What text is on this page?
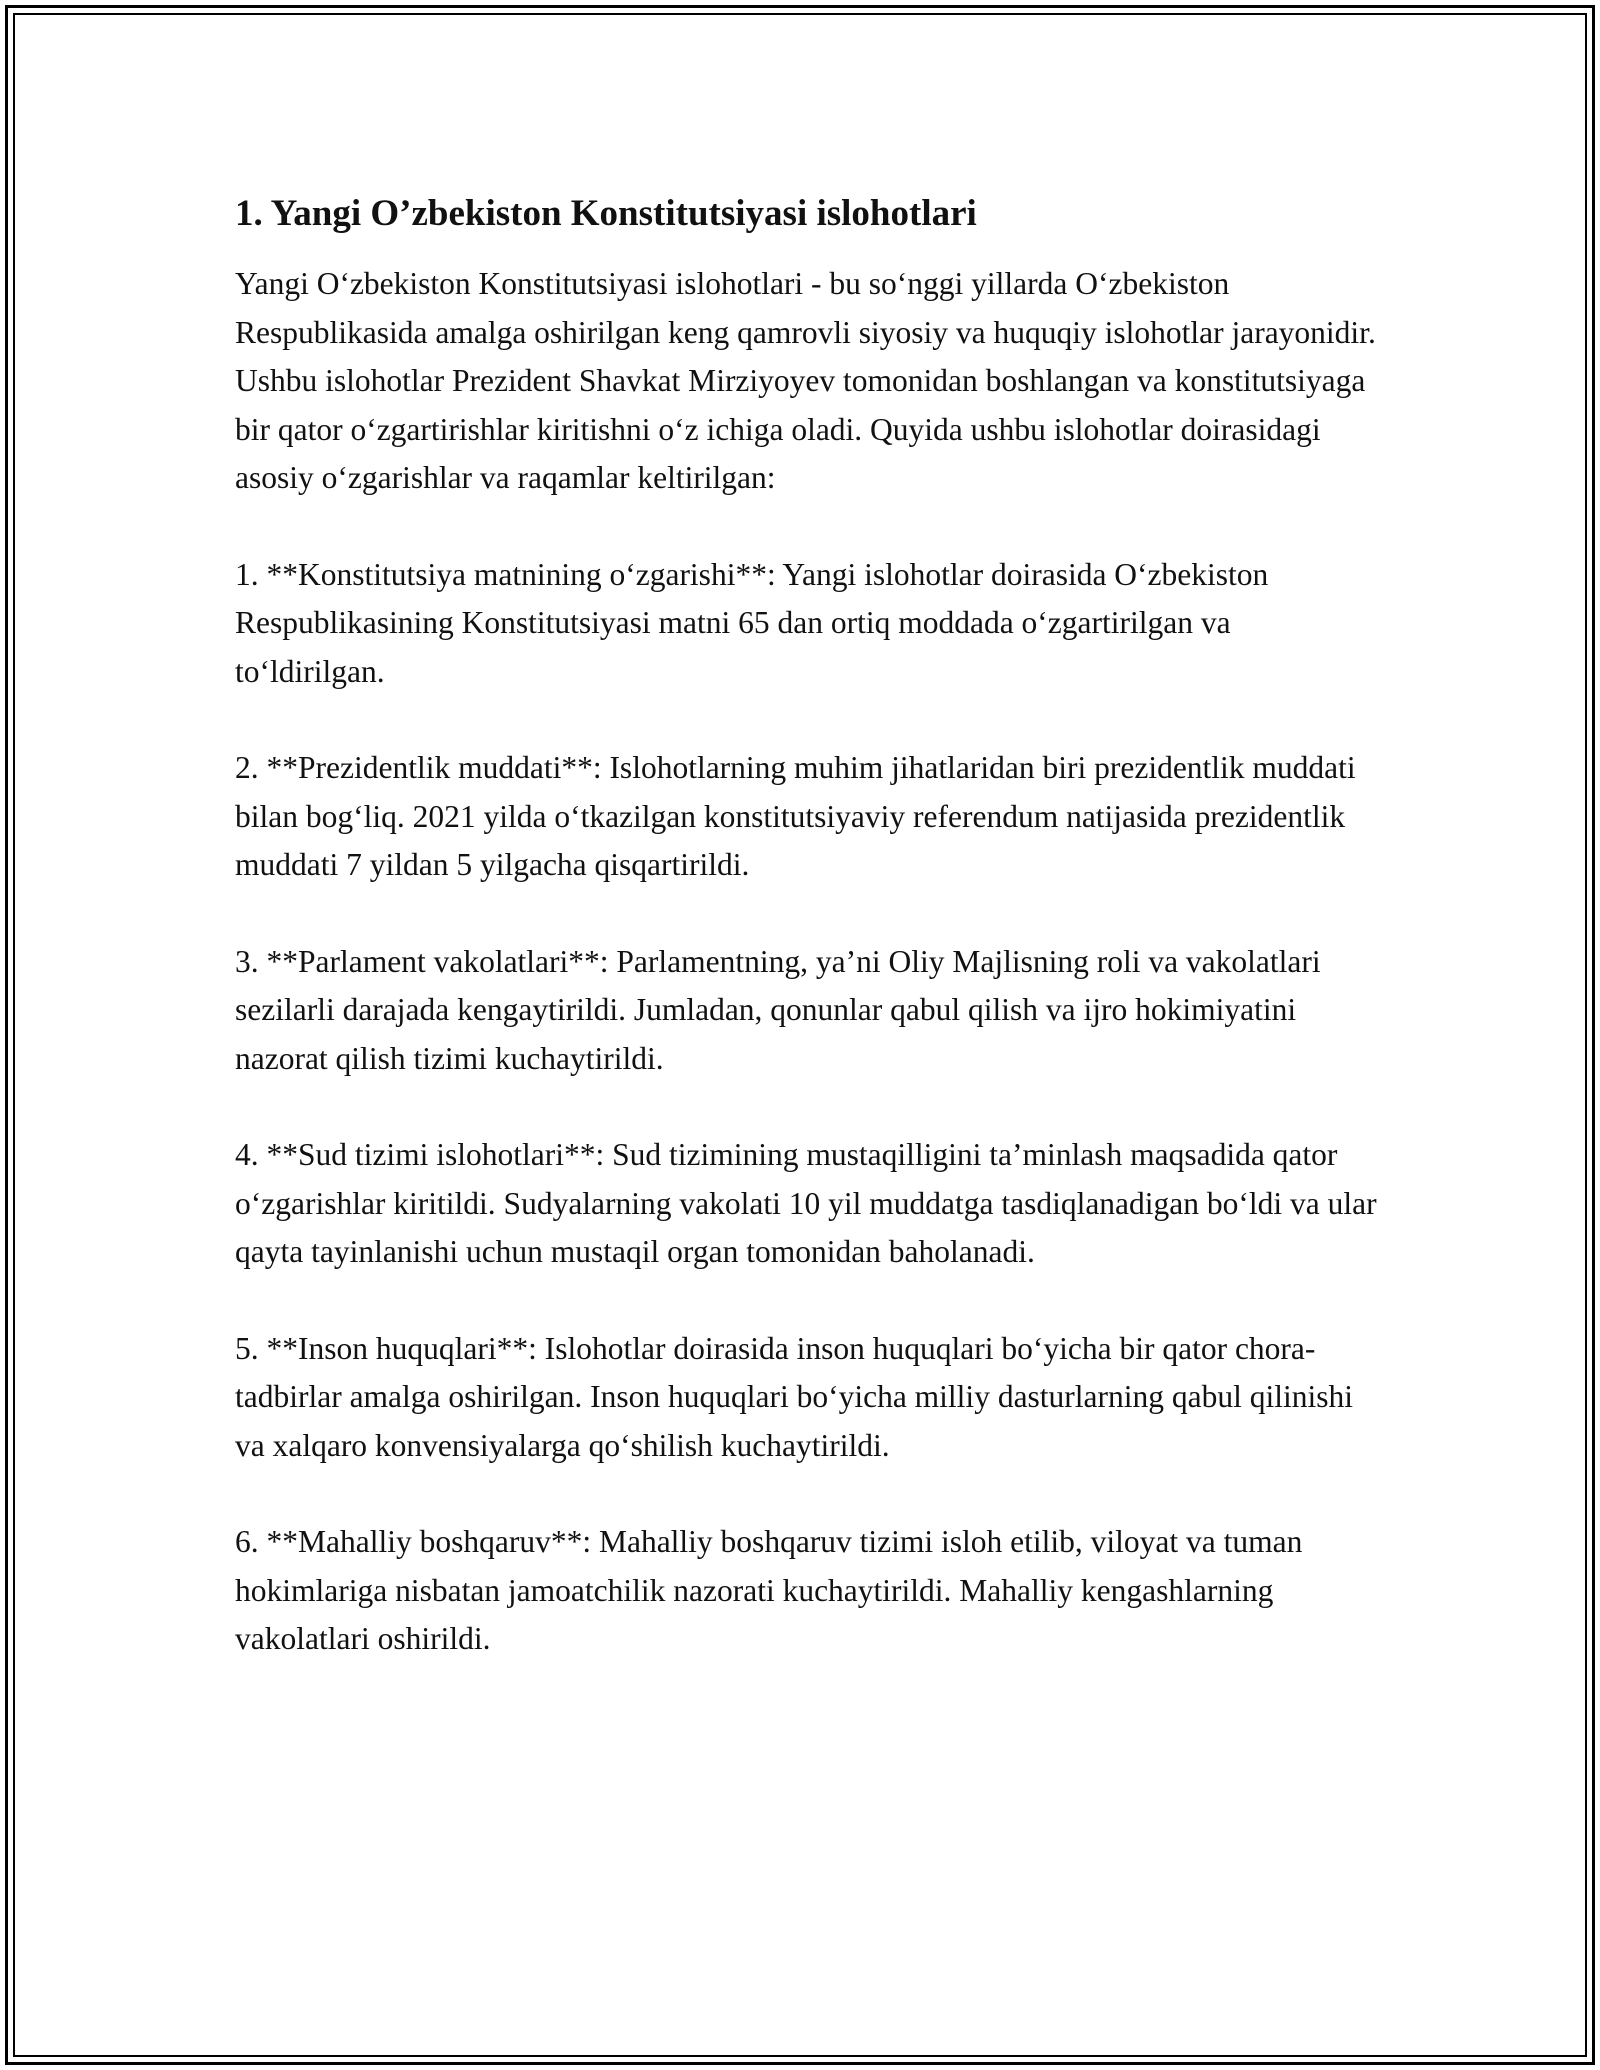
1. Yangi O’zbekiston Konstitutsiyasi islohotlari

Yangi O‘zbekiston Konstitutsiyasi islohotlari - bu so‘nggi yillarda O‘zbekiston Respublikasida amalga oshirilgan keng qamrovli siyosiy va huquqiy islohotlar jarayonidir. Ushbu islohotlar Prezident Shavkat Mirziyoyev tomonidan boshlangan va konstitutsiyaga bir qator o‘zgartirishlar kiritishni o‘z ichiga oladi. Quyida ushbu islohotlar doirasidagi asosiy o‘zgarishlar va raqamlar keltirilgan:

1. **Konstitutsiya matnining o‘zgarishi**: Yangi islohotlar doirasida O‘zbekiston Respublikasining Konstitutsiyasi matni 65 dan ortiq moddada o‘zgartirilgan va to‘ldirilgan.

2. **Prezidentlik muddati**: Islohotlarning muhim jihatlaridan biri prezidentlik muddati bilan bog‘liq. 2021 yilda o‘tkazilgan konstitutsiyaviy referendum natijasida prezidentlik muddati 7 yildan 5 yilgacha qisqartirildi.

3. **Parlament vakolatlari**: Parlamentning, ya’ni Oliy Majlisning roli va vakolatlari sezilarli darajada kengaytirildi. Jumladan, qonunlar qabul qilish va ijro hokimiyatini nazorat qilish tizimi kuchaytirildi.

4. **Sud tizimi islohotlari**: Sud tizimining mustaqilligini ta’minlash maqsadida qator o‘zgarishlar kiritildi. Sudyalarning vakolati 10 yil muddatga tasdiqlanadigan bo‘ldi va ular qayta tayinlanishi uchun mustaqil organ tomonidan baholanadi.

5. **Inson huquqlari**: Islohotlar doirasida inson huquqlari bo‘yicha bir qator chora-tadbirlar amalga oshirilgan. Inson huquqlari bo‘yicha milliy dasturlarning qabul qilinishi va xalqaro konvensiyalarga qo‘shilish kuchaytirildi.

6. **Mahalliy boshqaruv**: Mahalliy boshqaruv tizimi isloh etilib, viloyat va tuman hokimlariga nisbatan jamoatchilik nazorati kuchaytirildi. Mahalliy kengashlarning vakolatlari oshirildi.
